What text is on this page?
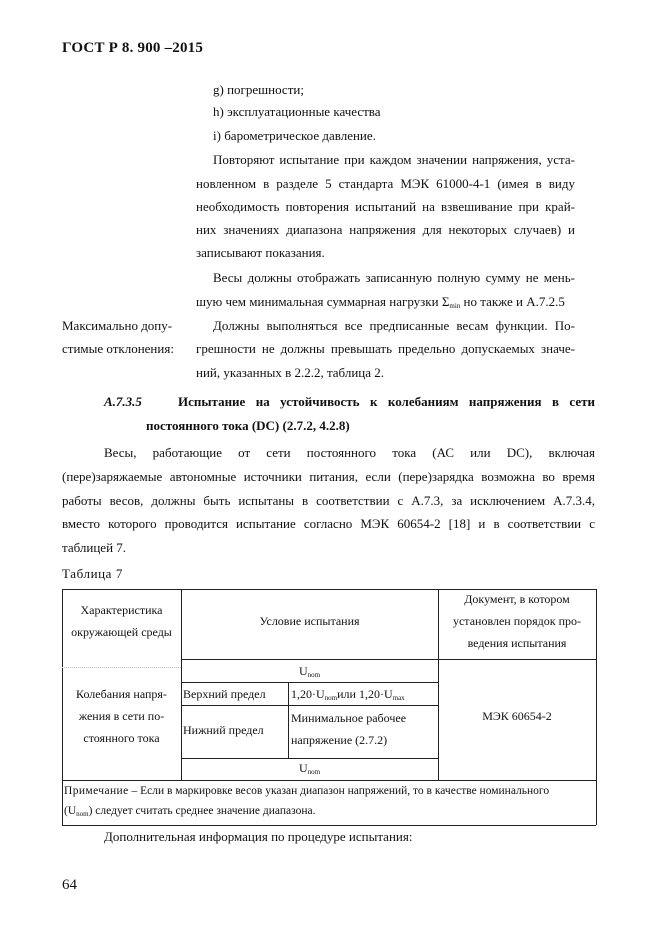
ГОСТ Р 8. 900 –2015
g) погрешности;
h) эксплуатационные качества
i) барометрическое давление.
Повторяют испытание при каждом значении напряжения, уста-
новленном в разделе 5 стандарта МЭК 61000-4-1 (имея в виду
необходимость повторения испытаний на взвешивание при край-
них значениях диапазона напряжения для некоторых случаев) и
записывают показания.
Весы должны отображать записанную полную сумму не мень-
шую чем минимальная суммарная нагрузки $\Sigma_{min}$ но также и А.7.2.5
Максимально допу-
стимые отклонения:
Должны выполняться все предписанные весам функции. По-
грешности не должны превышать предельно допускаемых значе-
ний, указанных в 2.2.2, таблица 2.
А.7.3.5	Испытание на устойчивость к колебаниям напряжения в сети
постоянного тока (DC) (2.7.2, 4.2.8)
Весы, работающие от сети постоянного тока (АС или DC), включая
(пере)заряжаемые автономные источники питания, если (пере)зарядка возможна во время
работы весов, должны быть испытаны в соответствии с А.7.3, за исключением А.7.3.4,
вместо которого проводится испытание согласно МЭК 60654-2 [18] и в соответствии с
таблицей 7.
Таблица 7
Характеристика
окружающей среды
Условие испытания
Документ, в котором
установлен порядок про-
ведения испытания
$U_{nom}$
Колебания напря-
жения в сети по-
стоянного тока
Верхний предел	$1,20\cdot U_{nom}или$ $1,20\cdot U_{max}$
Нижний предел
Минимальное рабочее
напряжение (2.7.2)
$U_{nom}$
МЭК 60654-2
Примечание – Если в маркировке весов указан диапазон напряжений, то в качестве номинального
$(U_{nom})$ следует считать среднее значение диапазона.
Дополнительная информация по процедуре испытания:
64
